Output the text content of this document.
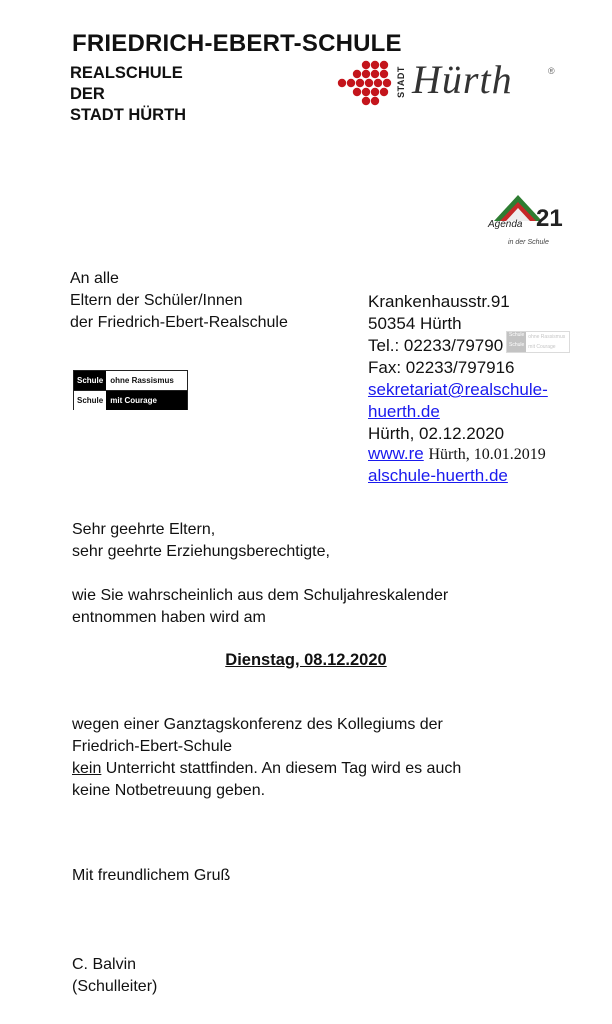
FRIEDRICH-EBERT-SCHULE
REALSCHULE
DER
STADT HÜRTH
STADT Hürth	®
Agenda 21
in der Schule
An alle
Eltern der Schüler/Innen
der Friedrich-Ebert-Realschule
Schule ohne Rassismus
Schule mit Courage
Schule ohne Rassismus
Schule mit Courage
Krankenhausstr.91
50354 Hürth
Tel.: 02233/79790
Fax: 02233/797916
sekretariat@realschule-
huerth.de
Hürth, 02.12.2020
www.re Hürth, 10.01.2019
alschule-huerth.de
Sehr geehrte Eltern,
sehr geehrte Erziehungsberechtigte,
wie Sie wahrscheinlich aus dem Schuljahreskalender
entnommen haben wird am
Dienstag, 08.12.2020
wegen einer Ganztagskonferenz des Kollegiums der
Friedrich-Ebert-Schule
kein Unterricht stattfinden. An diesem Tag wird es auch
keine Notbetreuung geben.
Mit freundlichem Gruß
C. Balvin
(Schulleiter)
